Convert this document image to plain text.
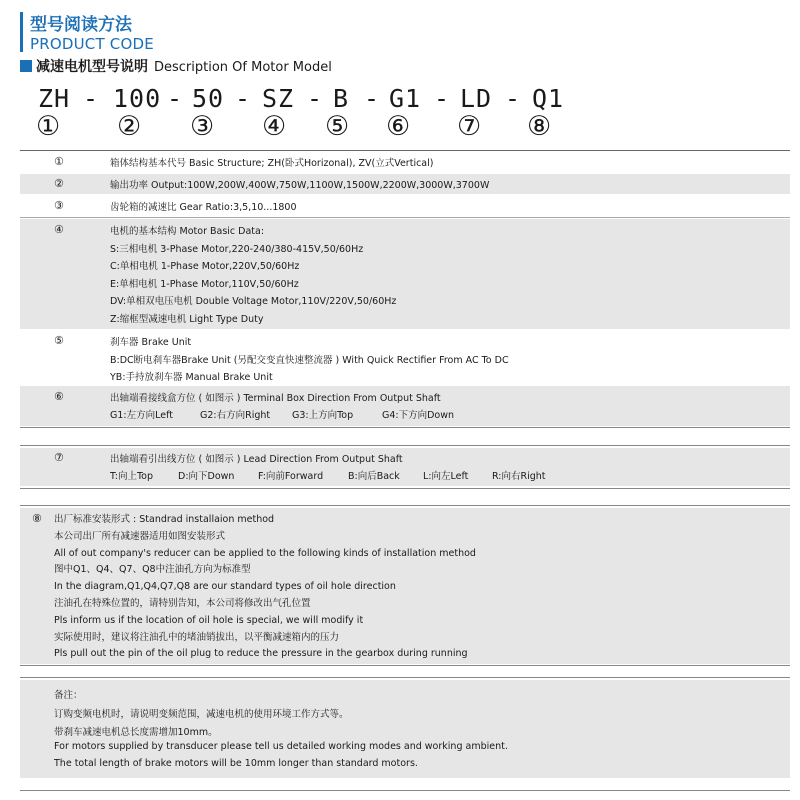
型号阅读方法
PRODUCT CODE
减速电机型号说明 Description Of Motor Model
ZH - 100 - 50 - SZ - B - G1 - LD - Q1
① ② ③ ④ ⑤ ⑥ ⑦ ⑧
①	箱体结构基本代号 Basic Structure; ZH(卧式Horizonal), ZV(立式Vertical)
②	输出功率 Output:100W,200W,400W,750W,1100W,1500W,2200W,3000W,3700W
③	齿轮箱的减速比 Gear Ratio:3,5,10...1800
④	电机的基本结构 Motor Basic Data:
S:三相电机 3-Phase Motor,220-240/380-415V,50/60Hz
C:单相电机 1-Phase Motor,220V,50/60Hz
E:单相电机 1-Phase Motor,110V,50/60Hz
DV:单相双电压电机 Double Voltage Motor,110V/220V,50/60Hz
Z:缩框型减速电机 Light Type Duty
⑤	刹车器 Brake Unit
B:DC断电刹车器Brake Unit (另配交变直快速整流器 ) With Quick Rectifier From AC To DC
YB:手持放刹车器 Manual Brake Unit
⑥	出轴端看接线盒方位 ( 如图示 ) Terminal Box Direction From Output Shaft
G1:左方向Left	G2:右方向Right G3:上方向Top	G4:下方向Down
⑦	出轴端看引出线方位 ( 如图示 ) Lead Direction From Output Shaft
T:向上Top	D:向下Down F:向前Forward	B:向后Back L:向左Left R:向右Right
⑧ 出厂标准安装形式 : Standrad installaion method
本公司出厂所有减速器适用如图安装形式
All of out company's reducer can be applied to the following kinds of installation method
图中Q1、Q4、Q7、Q8中注油孔方向为标准型
In the diagram,Q1,Q4,Q7,Q8 are our standard types of oil hole direction
注油孔在特殊位置的，请特别告知，本公司将修改出气孔位置
Pls inform us if the location of oil hole is special, we will modify it
实际使用时，建议将注油孔中的堵油销拔出，以平衡减速箱内的压力
Pls pull out the pin of the oil plug to reduce the pressure in the gearbox during running
备注：
订购变频电机时，请说明变频范围，减速电机的使用环境工作方式等。
带刹车减速电机总长度需增加10mm。
For motors supplied by transducer please tell us detailed working modes and working ambient.
The total length of brake motors will be 10mm longer than standard motors.
